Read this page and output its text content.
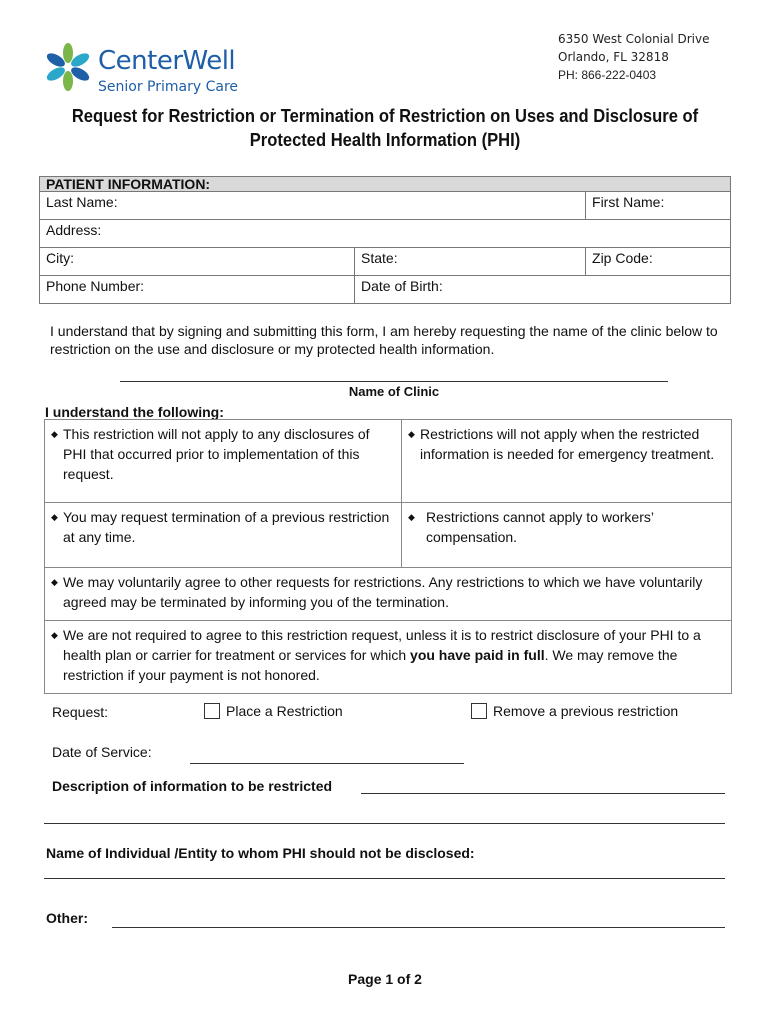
CenterWell
Senior Primary Care
6350 West Colonial Drive
Orlando, FL 32818
PH: 866-222-0403
Request for Restriction or Termination of Restriction on Uses and Disclosure of
Protected Health Information (PHI)
PATIENT INFORMATION:		
Last Name:		First Name:
Address:		
City:	State:	Zip Code:
Phone Number:	Date of Birth:	
I understand that by signing and submitting this form, I am hereby requesting the name of the clinic below to restriction on the use and disclosure or my protected health information.
Name of Clinic
I understand the following:
◆ This restriction will not apply to any disclosures of PHI that occurred prior to implementation of this request.	◆ Restrictions will not apply when the restricted information is needed for emergency treatment.

◆ You may request termination of a previous restriction at any time.	◆ Restrictions cannot apply to workers’ compensation.

◆ We may voluntarily agree to other requests for restrictions. Any restrictions to which we have voluntarily agreed may be terminated by informing you of the termination.	

◆ We are not required to agree to this restriction request, unless it is to restrict disclosure of your PHI to a health plan or carrier for treatment or services for which you have paid in full. We may remove the restriction if your payment is not honored.	
Request:	Place a Restriction	Remove a previous restriction
Date of Service:
Description of information to be restricted
Name of Individual /Entity to whom PHI should not be disclosed:
Other:
Page 1 of 2
